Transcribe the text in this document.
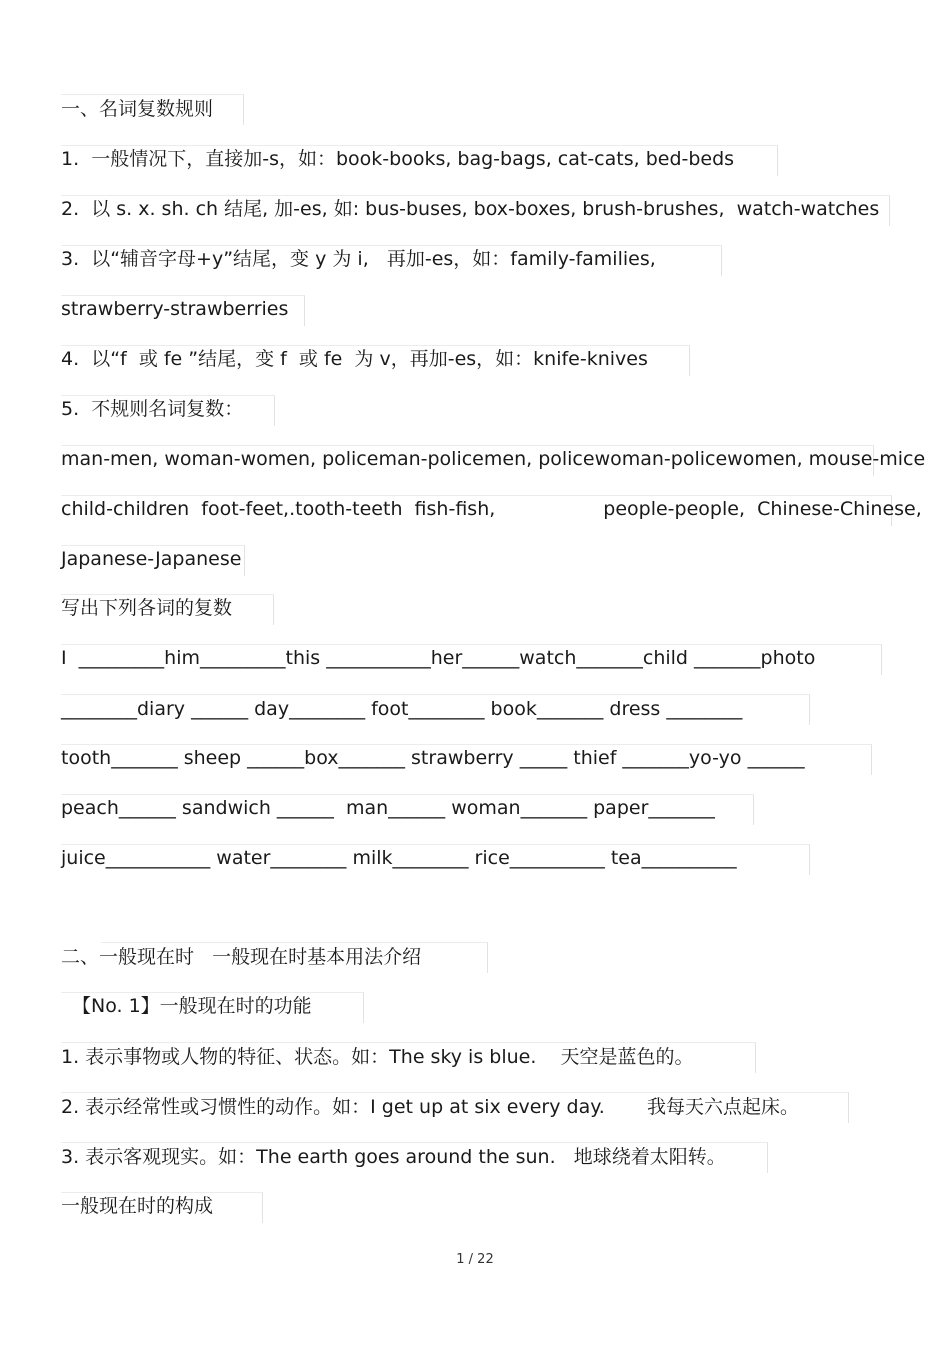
一、名词复数规则
1.  一般情况下，直接加-s，如：book-books, bag-bags, cat-cats, bed-beds
2.  以 s. x. sh. ch 结尾, 加-es, 如: bus-buses, box-boxes, brush-brushes,  watch-watches
3.  以“辅音字母+y”结尾，变 y 为 i,   再加-es，如：family-families,
strawberry-strawberries
4.  以“f  或 fe ”结尾，变 f  或 fe  为 v，再加-es，如：knife-knives
5.  不规则名词复数：
man-men, woman-women, policeman-policemen, policewoman-policewomen, mouse-mice
child-children  foot-feet,.tooth-teeth  fish-fish,	people-people,  Chinese-Chinese,
Japanese-Japanese
写出下列各词的复数
I  _________him_________this ___________her______watch_______child _______photo
________diary ______ day________ foot________ book_______ dress ________
tooth_______ sheep ______box_______ strawberry _____ thief _______yo-yo ______
peach______ sandwich ______  man______ woman_______ paper_______
juice___________ water________ milk________ rice__________ tea__________
二、一般现在时   一般现在时基本用法介绍
【No. 1】一般现在时的功能
1. 表示事物或人物的特征、状态。如：The sky is blue.    天空是蓝色的。
2. 表示经常性或习惯性的动作。如：I get up at six every day.       我每天六点起床。
3. 表示客观现实。如：The earth goes around the sun.   地球绕着太阳转。
一般现在时的构成
1 / 22
